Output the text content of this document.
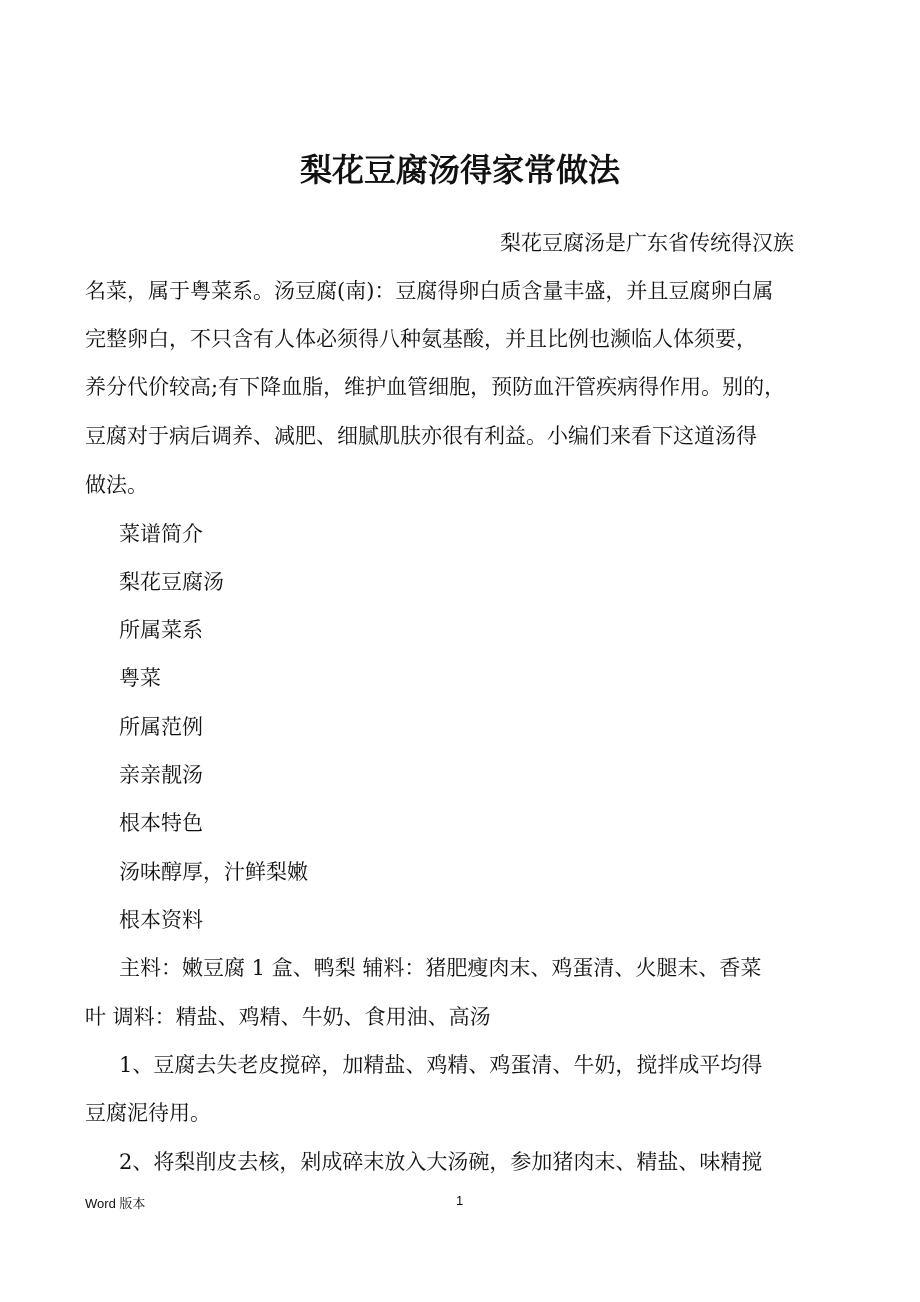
梨花豆腐汤得家常做法
梨花豆腐汤是广东省传统得汉族
名菜，属于粤菜系。汤豆腐(南)：豆腐得卵白质含量丰盛，并且豆腐卵白属
完整卵白，不只含有人体必须得八种氨基酸，并且比例也濒临人体须要，
养分代价较高;有下降血脂，维护血管细胞，预防血汗管疾病得作用。别的，
豆腐对于病后调养、减肥、细腻肌肤亦很有利益。小编们来看下这道汤得
做法。
菜谱简介
梨花豆腐汤
所属菜系
粤菜
所属范例
亲亲靓汤
根本特色
汤味醇厚，汁鲜梨嫩
根本资料
主料：嫩豆腐 1 盒、鸭梨 辅料：猪肥瘦肉末、鸡蛋清、火腿末、香菜
叶 调料：精盐、鸡精、牛奶、食用油、高汤
1、豆腐去失老皮搅碎，加精盐、鸡精、鸡蛋清、牛奶，搅拌成平均得
豆腐泥待用。
2、将梨削皮去核，剁成碎末放入大汤碗，参加猪肉末、精盐、味精搅
Word 版本	1
